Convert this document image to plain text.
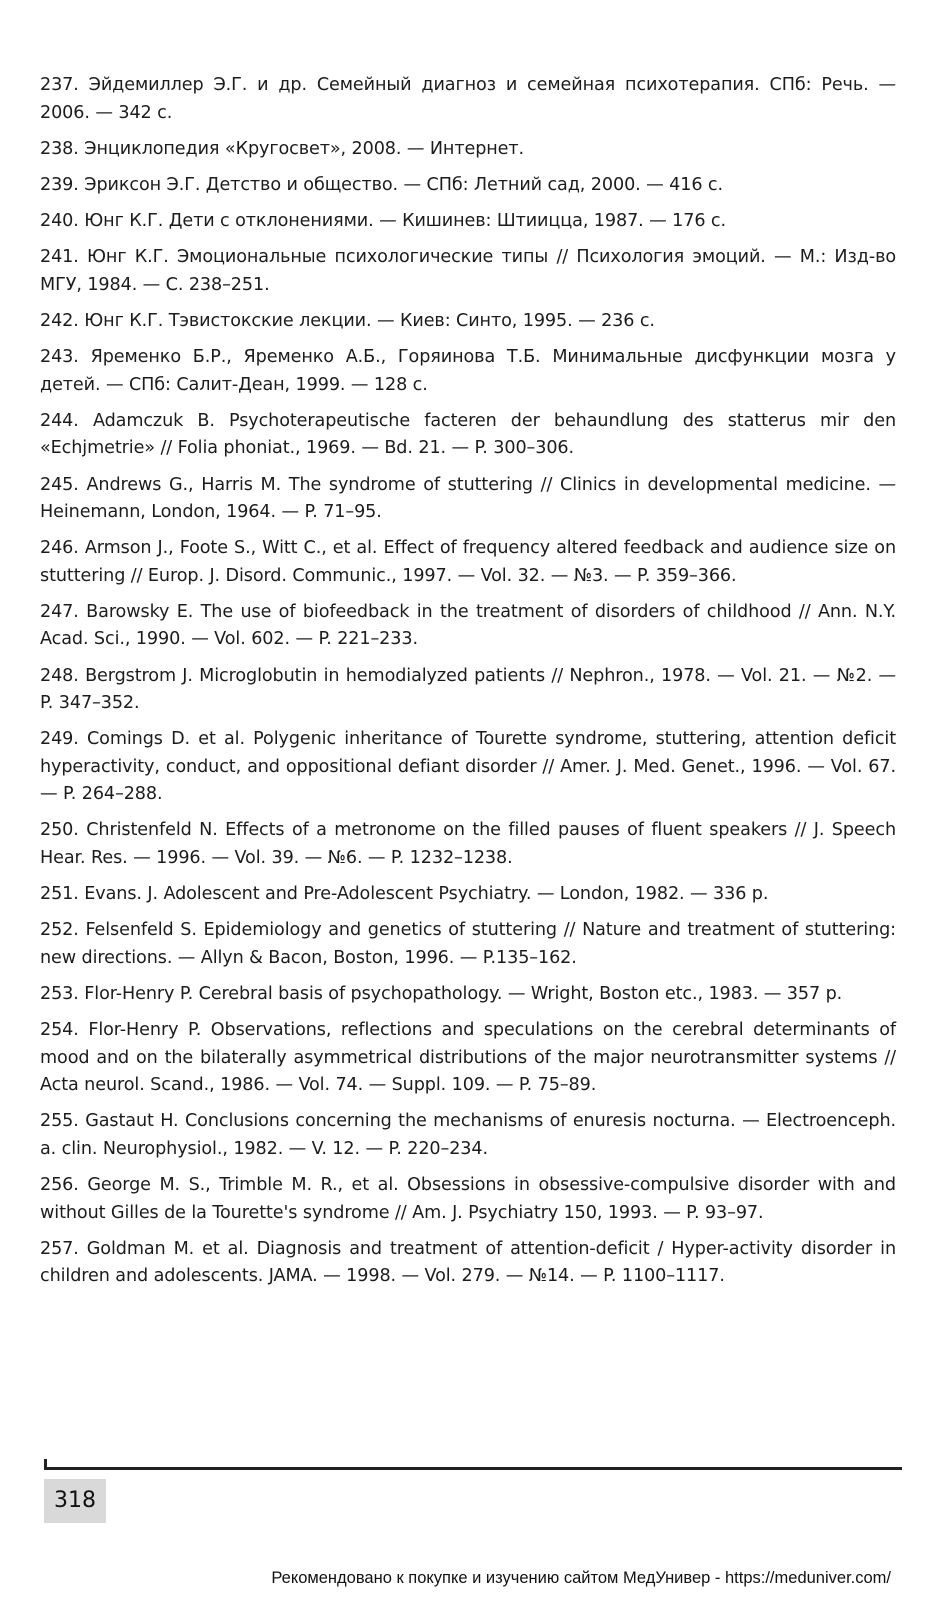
237. Эйдемиллер Э.Г. и др. Семейный диагноз и семейная психотерапия. СПб: Речь. — 2006. — 342 с.
238. Энциклопедия «Кругосвет», 2008. — Интернет.
239. Эриксон Э.Г. Детство и общество. — СПб: Летний сад, 2000. — 416 с.
240. Юнг К.Г. Дети с отклонениями. — Кишинев: Штиицца, 1987. — 176 с.
241. Юнг К.Г. Эмоциональные психологические типы // Психология эмоций. — М.: Изд-во МГУ, 1984. — С. 238–251.
242. Юнг К.Г. Тэвистокские лекции. — Киев: Синто, 1995. — 236 с.
243. Яременко Б.Р., Яременко А.Б., Горяинова Т.Б. Минимальные дисфункции мозга у детей. — СПб: Салит-Деан, 1999. — 128 с.
244. Adamczuk B. Psychoterapeutische facteren der behaundlung des statterus mir den «Echjmetrie» // Folia phoniat., 1969. — Bd. 21. — P. 300–306.
245. Andrews G., Harris M. The syndrome of stuttering // Clinics in developmental medicine. — Heinemann, London, 1964. — P. 71–95.
246. Armson J., Foote S., Witt C., et al. Effect of frequency altered feedback and audience size on stuttering // Europ. J. Disord. Communic., 1997. — Vol. 32. — №3. — P. 359–366.
247. Barowsky E. The use of biofeedback in the treatment of disorders of childhood // Ann. N.Y. Acad. Sci., 1990. — Vol. 602. — P. 221–233.
248. Bergstrom J. Microglobutin in hemodialyzed patients // Nephron., 1978. — Vol. 21. — №2. — P. 347–352.
249. Comings D. et al. Polygenic inheritance of Tourette syndrome, stuttering, attention deficit hyperactivity, conduct, and oppositional defiant disorder // Amer. J. Med. Genet., 1996. — Vol. 67. — P. 264–288.
250. Christenfeld N. Effects of a metronome on the filled pauses of fluent speakers // J. Speech Hear. Res. — 1996. — Vol. 39. — №6. — P. 1232–1238.
251. Evans. J. Adolescent and Pre-Adolescent Psychiatry. — London, 1982. — 336 p.
252. Felsenfeld S. Epidemiology and genetics of stuttering // Nature and treatment of stuttering: new directions. — Allyn & Bacon, Boston, 1996. — P.135–162.
253. Flor-Henry P. Cerebral basis of psychopathology. — Wright, Boston etc., 1983. — 357 p.
254. Flor-Henry P. Observations, reflections and speculations on the cerebral determinants of mood and on the bilaterally asymmetrical distributions of the major neurotransmitter systems // Acta neurol. Scand., 1986. — Vol. 74. — Suppl. 109. — P. 75–89.
255. Gastaut H. Conclusions concerning the mechanisms of enuresis nocturna. — Electroenceph. a. clin. Neurophysiol., 1982. — V. 12. — P. 220–234.
256. George M. S., Trimble M. R., et al. Obsessions in obsessive-compulsive disorder with and without Gilles de la Tourette's syndrome // Am. J. Psychiatry 150, 1993. — P. 93–97.
257. Goldman M. et al. Diagnosis and treatment of attention-deficit / Hyper-activity disorder in children and adolescents. JAMA. — 1998. — Vol. 279. — №14. — P. 1100–1117.
318
Рекомендовано к покупке и изучению сайтом МедУнивер - https://meduniver.com/
